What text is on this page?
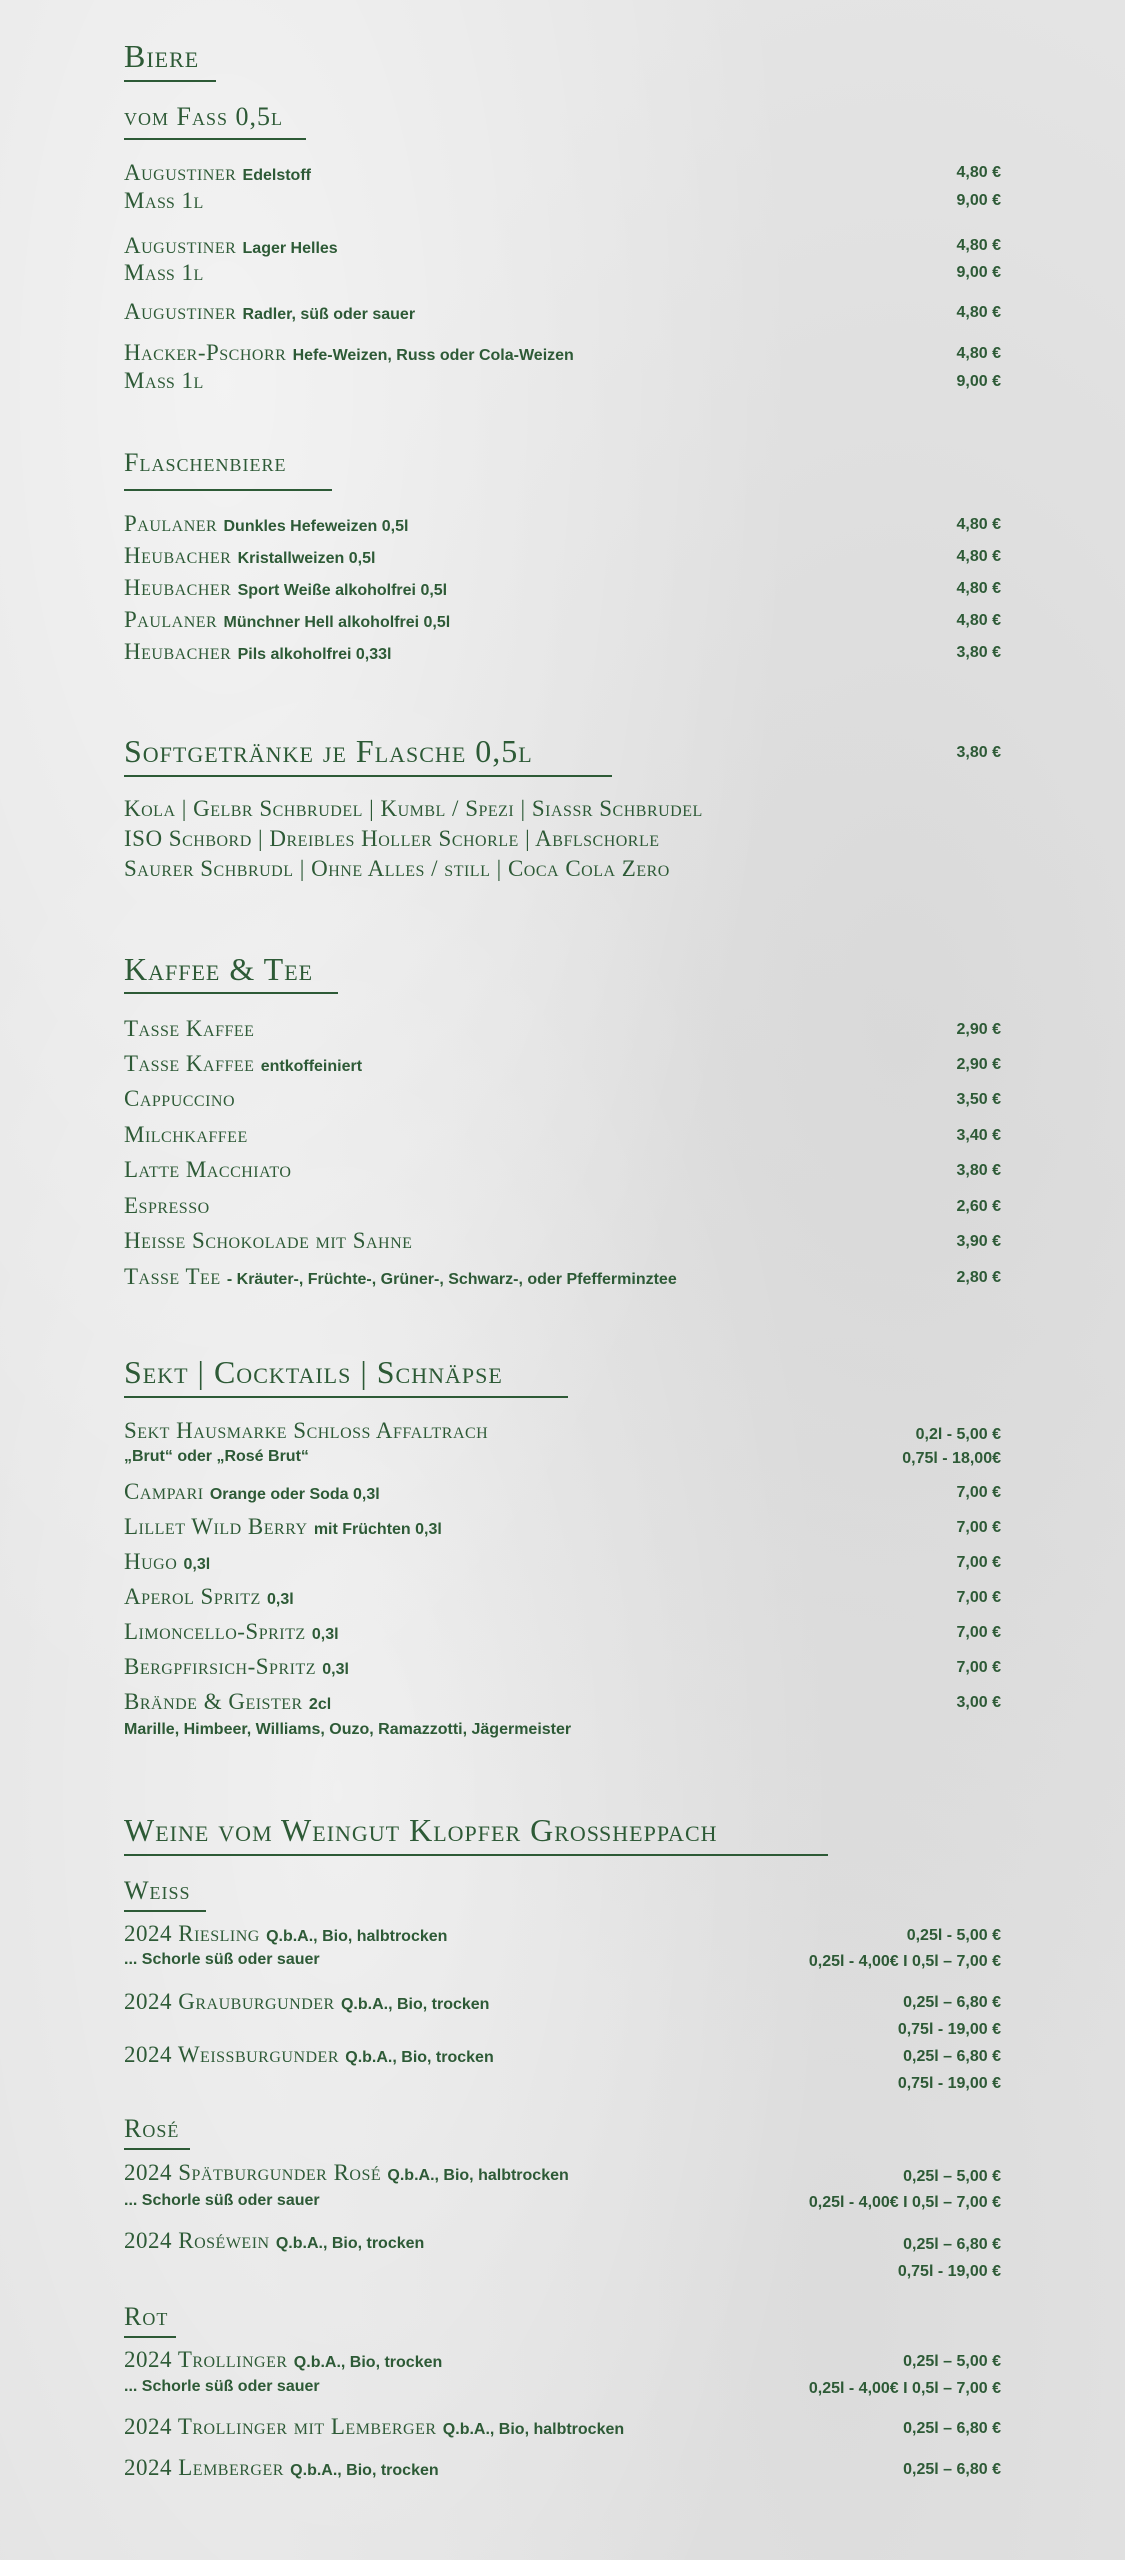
Biere
vom Fass 0,5l
Augustiner Edelstoff	4,80 €
Maß 1l	9,00 €
Augustiner Lager Helles	4,80 €
Maß 1l	9,00 €
Augustiner Radler, süß oder sauer	4,80 €
Hacker-Pschorr Hefe-Weizen, Russ oder Cola-Weizen	4,80 €
Maß 1l	9,00 €
Flaschenbiere
Paulaner Dunkles Hefeweizen 0,5l	4,80 €
Heubacher Kristallweizen 0,5l	4,80 €
Heubacher Sport Weiße alkoholfrei 0,5l	4,80 €
Paulaner Münchner Hell alkoholfrei 0,5l	4,80 €
Heubacher Pils alkoholfrei 0,33l	3,80 €
Softgetränke je Flasche 0,5l	3,80 €
Kola | Gelbr Schbrudel | Kumbl / Spezi | Siassr Schbrudel
ISO Schbord | Dreibles Holler Schorle | Abflschorle
Saurer Schbrudl | Ohne Alles / still | Coca Cola Zero
Kaffee & Tee
Tasse Kaffee	2,90 €
Tasse Kaffee entkoffeiniert	2,90 €
Cappuccino	3,50 €
Milchkaffee	3,40 €
Latte Macchiato	3,80 €
Espresso	2,60 €
Heiße Schokolade mit Sahne	3,90 €
Tasse Tee - Kräuter-, Früchte-, Grüner-, Schwarz-, oder Pfefferminztee	2,80 €
Sekt | Cocktails | Schnäpse
Sekt Hausmarke Schloss Affaltrach	0,2l - 5,00 €
„Brut“ oder „Rosé Brut“	0,75l - 18,00€
Campari Orange oder Soda 0,3l	7,00 €
Lillet Wild Berry mit Früchten 0,3l	7,00 €
Hugo 0,3l	7,00 €
Aperol Spritz 0,3l	7,00 €
Limoncello-Spritz 0,3l	7,00 €
Bergpfirsich-Spritz 0,3l	7,00 €
Brände & Geister 2cl	3,00 €
Marille, Himbeer, Williams, Ouzo, Ramazzotti, Jägermeister
Weine vom Weingut Klopfer Großheppach
Weiss
2024 Riesling Q.b.A., Bio, halbtrocken	0,25l - 5,00 €
... Schorle süß oder sauer	0,25l - 4,00€ I 0,5l – 7,00 €
2024 Grauburgunder Q.b.A., Bio, trocken	0,25l – 6,80 €
0,75l - 19,00 €
2024 Weissburgunder Q.b.A., Bio, trocken	0,25l – 6,80 €
0,75l - 19,00 €
Rosé
2024 Spätburgunder Rosé Q.b.A., Bio, halbtrocken	0,25l – 5,00 €
... Schorle süß oder sauer	0,25l - 4,00€ I 0,5l – 7,00 €
2024 Roséwein Q.b.A., Bio, trocken	0,25l – 6,80 €
0,75l - 19,00 €
Rot
2024 Trollinger Q.b.A., Bio, trocken	0,25l – 5,00 €
... Schorle süß oder sauer	0,25l - 4,00€ I 0,5l – 7,00 €
2024 Trollinger mit Lemberger Q.b.A., Bio, halbtrocken	0,25l – 6,80 €
2024 Lemberger Q.b.A., Bio, trocken	0,25l – 6,80 €
